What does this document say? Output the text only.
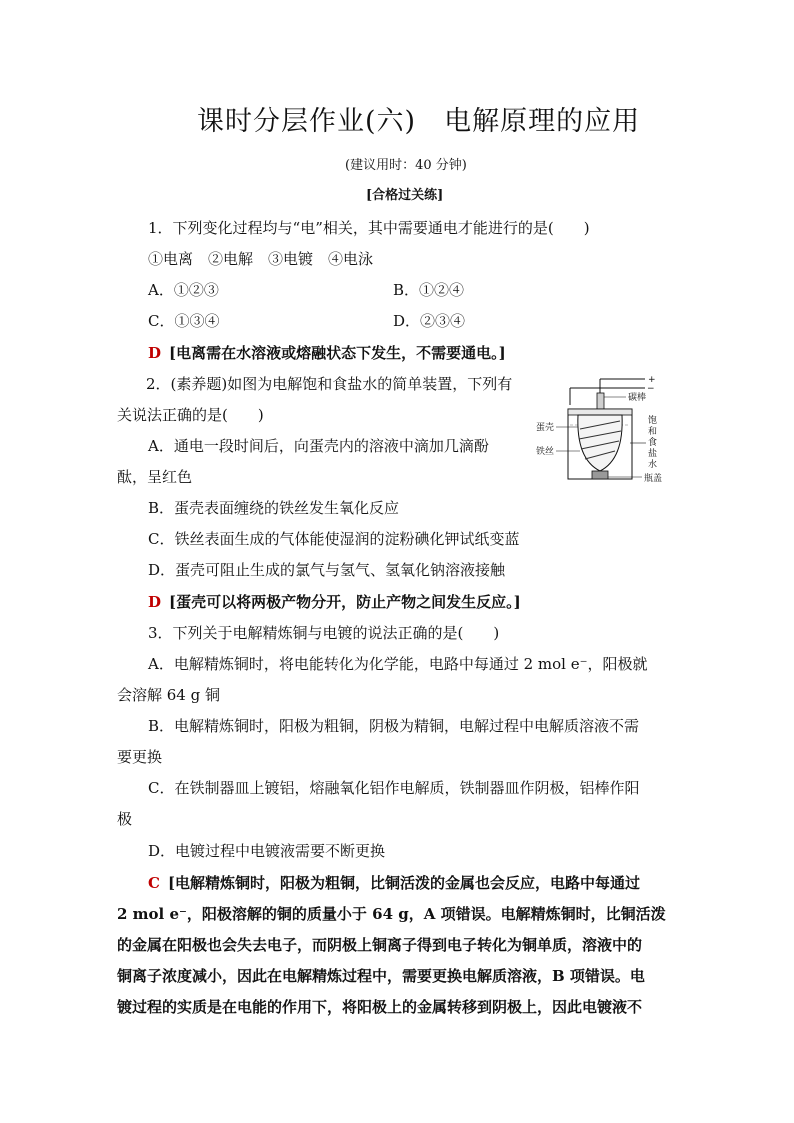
课时分层作业(六)　电解原理的应用
(建议用时：40 分钟)
[合格过关练]
1．下列变化过程均与“电”相关，其中需要通电才能进行的是(　　)
①电离　②电解　③电镀　④电泳
A．①②③	B．①②④
C．①③④	D．②③④
D [电离需在水溶液或熔融状态下发生，不需要通电。]
2．(素养题)如图为电解饱和食盐水的简单装置，下列有
关说法正确的是(　　)
A．通电一段时间后，向蛋壳内的溶液中滴加几滴酚
酞，呈红色
B．蛋壳表面缠绕的铁丝发生氧化反应
C．铁丝表面生成的气体能使湿润的淀粉碘化钾试纸变蓝
D．蛋壳可阻止生成的氯气与氢气、氢氧化钠溶液接触
D [蛋壳可以将两极产物分开，防止产物之间发生反应。]
+
−
碳棒
蛋壳
铁丝
饱
和
食
盐
水
瓶盖
3．下列关于电解精炼铜与电镀的说法正确的是(　　)
A．电解精炼铜时，将电能转化为化学能，电路中每通过 2 mol e⁻，阳极就
会溶解 64 g 铜
B．电解精炼铜时，阳极为粗铜，阴极为精铜，电解过程中电解质溶液不需
要更换
C．在铁制器皿上镀铝，熔融氧化铝作电解质，铁制器皿作阴极，铝棒作阳
极
D．电镀过程中电镀液需要不断更换
C [电解精炼铜时，阳极为粗铜，比铜活泼的金属也会反应，电路中每通过
2 mol e⁻，阳极溶解的铜的质量小于 64 g，A 项错误。电解精炼铜时，比铜活泼
的金属在阳极也会失去电子，而阴极上铜离子得到电子转化为铜单质，溶液中的
铜离子浓度减小，因此在电解精炼过程中，需要更换电解质溶液，B 项错误。电
镀过程的实质是在电能的作用下，将阳极上的金属转移到阴极上，因此电镀液不
